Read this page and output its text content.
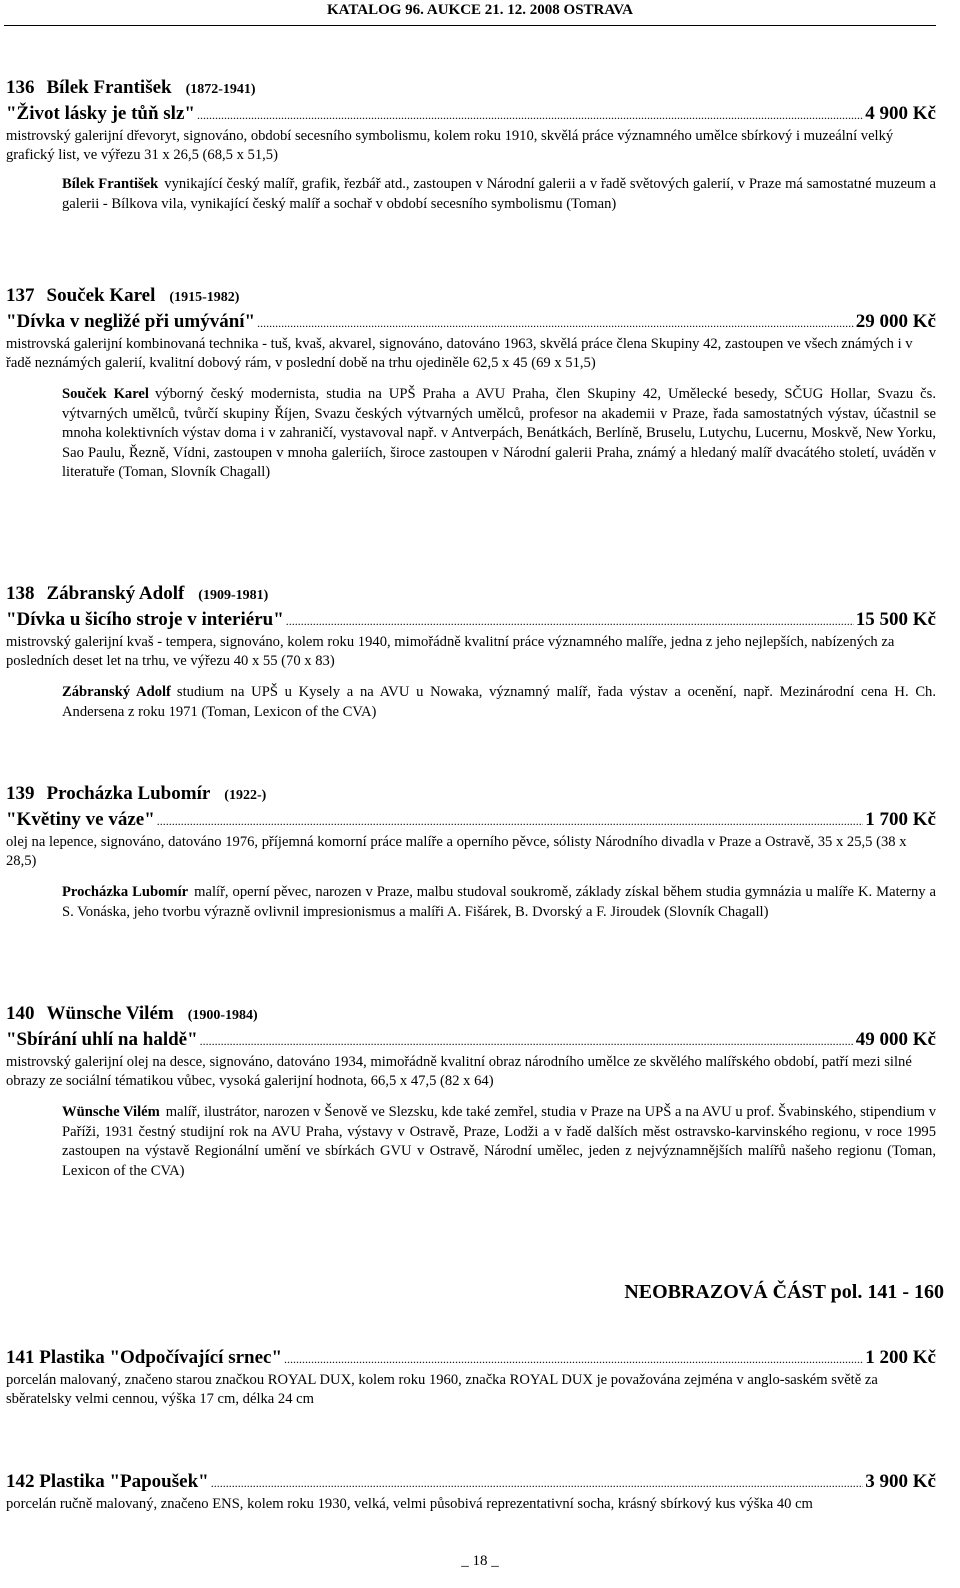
KATALOG 96. AUKCE 21. 12. 2008 OSTRAVA
136 Bílek František (1872-1941)
"Život lásky je tůň slz" .....	4 900 Kč
mistrovský galerijní dřevoryt, signováno, období secesního symbolismu, kolem roku 1910, skvělá práce významného umělce sbírkový i muzeální velký grafický list, ve výřezu 31 x 26,5 (68,5 x 51,5)
Bílek František vynikající český malíř, grafik, řezbář atd., zastoupen v Národní galerii a v řadě světových galerií, v Praze má samostatné muzeum a galerii - Bílkova vila, vynikající český malíř a sochař v období secesního symbolismu (Toman)
137 Souček Karel (1915-1982)
"Dívka v negližé při umývání" .....	29 000 Kč
mistrovská galerijní kombinovaná technika - tuš, kvaš, akvarel, signováno, datováno 1963, skvělá práce člena Skupiny 42, zastoupen ve všech známých i v řadě neznámých galerií, kvalitní dobový rám, v poslední době na trhu ojediněle 62,5 x 45 (69 x 51,5)
Souček Karel výborný český modernista, studia na UPŠ Praha a AVU Praha, člen Skupiny 42, Umělecké besedy, SČUG Hollar, Svazu čs. výtvarných umělců, tvůrčí skupiny Říjen, Svazu českých výtvarných umělců, profesor na akademii v Praze, řada samostatných výstav, účastnil se mnoha kolektivních výstav doma i v zahraničí, vystavoval např. v Antverpách, Benátkách, Berlíně, Bruselu, Lutychu, Lucernu, Moskvě, New Yorku, Sao Paulu, Řezně, Vídni, zastoupen v mnoha galeriích, široce zastoupen v Národní galerii Praha, známý a hledaný malíř dvacátého století, uváděn v literatuře (Toman, Slovník Chagall)
138 Zábranský Adolf (1909-1981)
"Dívka u šicího stroje v interiéru" .....	15 500 Kč
mistrovský galerijní kvaš - tempera, signováno, kolem roku 1940, mimořádně kvalitní práce významného malíře, jedna z jeho nejlepších, nabízených za posledních deset let na trhu, ve výřezu 40 x 55 (70 x 83)
Zábranský Adolf studium na UPŠ u Kysely a na AVU u Nowaka, významný malíř, řada výstav a ocenění, např. Mezinárodní cena H. Ch. Andersena z roku 1971 (Toman, Lexicon of the CVA)
139 Procházka Lubomír (1922-)
"Květiny ve váze" .....	1 700 Kč
olej na lepence, signováno, datováno 1976, příjemná komorní práce malíře a operního pěvce, sólisty Národního divadla v Praze a Ostravě, 35 x 25,5 (38 x 28,5)
Procházka Lubomír malíř, operní pěvec, narozen v Praze, malbu studoval soukromě, základy získal během studia gymnázia u malíře K. Materny a S. Vonáska, jeho tvorbu výrazně ovlivnil impresionismus a malíři A. Fišárek, B. Dvorský a F. Jiroudek (Slovník Chagall)
140 Wünsche Vilém (1900-1984)
"Sbírání uhlí na haldě" .....	49 000 Kč
mistrovský galerijní olej na desce, signováno, datováno 1934, mimořádně kvalitní obraz národního umělce ze skvělého malířského období, patří mezi silné obrazy ze sociální tématikou vůbec, vysoká galerijní hodnota, 66,5 x 47,5 (82 x 64)
Wünsche Vilém malíř, ilustrátor, narozen v Šenově ve Slezsku, kde také zemřel, studia v Praze na UPŠ a na AVU u prof. Švabinského, stipendium v Paříži, 1931 čestný studijní rok na AVU Praha, výstavy v Ostravě, Praze, Lodži a v řadě dalších měst ostravsko-karvinského regionu, v roce 1995 zastoupen na výstavě Regionální umění ve sbírkách GVU v Ostravě, Národní umělec, jeden z nejvýznamnějších malířů našeho regionu (Toman, Lexicon of the CVA)
NEOBRAZOVÁ ČÁST pol. 141 - 160
141 Plastika "Odpočívající srnec" .....	1 200 Kč
porcelán malovaný, značeno starou značkou ROYAL DUX, kolem roku 1960, značka ROYAL DUX je považována zejména v anglo-saském světě za sběratelsky velmi cennou, výška 17 cm, délka 24 cm
142 Plastika "Papoušek" .....	3 900 Kč
porcelán ručně malovaný, značeno ENS, kolem roku 1930, velká, velmi působivá reprezentativní socha, krásný sbírkový kus výška 40 cm
_ 18 _
